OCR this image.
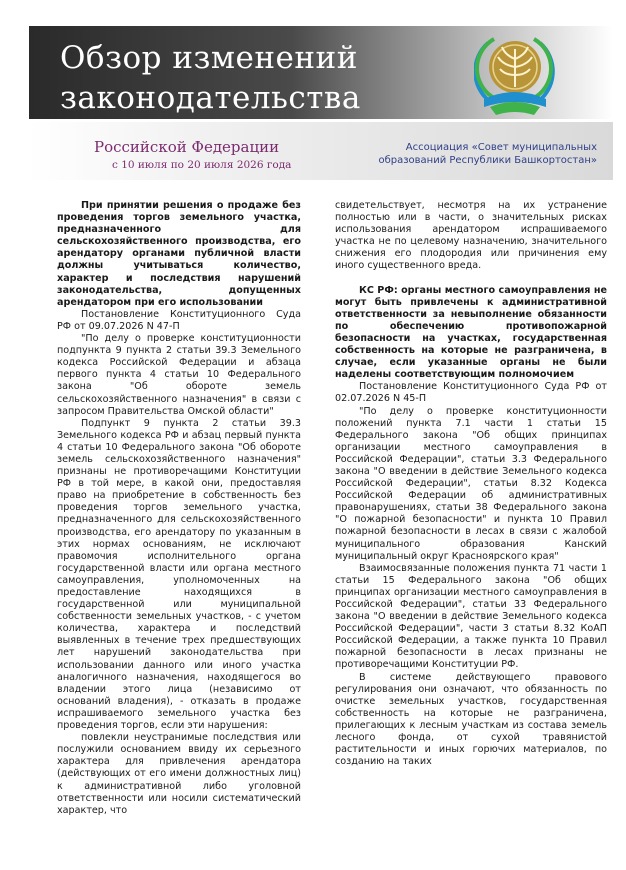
Обзор изменений законодательства
Российской Федерации
с 10 июля по 20 июля 2026 года
Ассоциация «Совет муниципальных образований Республики Башкортостан»

При принятии решения о продаже без проведения торгов земельного участка, предназначенного для сельскохозяйственного производства, его арендатору органами публичной власти должны учитываться количество, характер и последствия нарушений законодательства, допущенных арендатором при его использовании

Постановление Конституционного Суда РФ от 09.07.2026 N 47-П

"По делу о проверке конституционности подпункта 9 пункта 2 статьи 39.3 Земельного кодекса Российской Федерации и абзаца первого пункта 4 статьи 10 Федерального закона "Об обороте земель сельскохозяйственного назначения" в связи с запросом Правительства Омской области"

Подпункт 9 пункта 2 статьи 39.3 Земельного кодекса РФ и абзац первый пункта 4 статьи 10 Федерального закона "Об обороте земель сельскохозяйственного назначения" признаны не противоречащими Конституции РФ в той мере, в какой они, предоставляя право на приобретение в собственность без проведения торгов земельного участка, предназначенного для сельскохозяйственного производства, его арендатору по указанным в этих нормах основаниям, не исключают правомочия исполнительного органа государственной власти или органа местного самоуправления, уполномоченных на предоставление находящихся в государственной или муниципальной собственности земельных участков, - с учетом количества, характера и последствий выявленных в течение трех предшествующих лет нарушений законодательства при использовании данного или иного участка аналогичного назначения, находящегося во владении этого лица (независимо от оснований владения), - отказать в продаже испрашиваемого земельного участка без проведения торгов, если эти нарушения:

повлекли неустранимые последствия или послужили основанием ввиду их серьезного характера для привлечения арендатора (действующих от его имени должностных лиц) к административной либо уголовной ответственности или носили систематический характер, что

свидетельствует, несмотря на их устранение полностью или в части, о значительных рисках использования арендатором испрашиваемого участка не по целевому назначению, значительного снижения его плодородия или причинения ему иного существенного вреда.

КС РФ: органы местного самоуправления не могут быть привлечены к административной ответственности за невыполнение обязанности по обеспечению противопожарной безопасности на участках, государственная собственность на которые не разграничена, в случае, если указанные органы не были наделены соответствующим полномочием

Постановление Конституционного Суда РФ от 02.07.2026 N 45-П

"По делу о проверке конституционности положений пункта 7.1 части 1 статьи 15 Федерального закона "Об общих принципах организации местного самоуправления в Российской Федерации", статьи 3.3 Федерального закона "О введении в действие Земельного кодекса Российской Федерации", статьи 8.32 Кодекса Российской Федерации об административных правонарушениях, статьи 38 Федерального закона "О пожарной безопасности" и пункта 10 Правил пожарной безопасности в лесах в связи с жалобой муниципального образования Канский муниципальный округ Красноярского края"

Взаимосвязанные положения пункта 71 части 1 статьи 15 Федерального закона "Об общих принципах организации местного самоуправления в Российской Федерации", статьи 33 Федерального закона "О введении в действие Земельного кодекса Российской Федерации", части 3 статьи 8.32 КоАП Российской Федерации, а также пункта 10 Правил пожарной безопасности в лесах признаны не противоречащими Конституции РФ.

В системе действующего правового регулирования они означают, что обязанность по очистке земельных участков, государственная собственность на которые не разграничена, прилегающих к лесным участкам из состава земель лесного фонда, от сухой травянистой растительности и иных горючих материалов, по созданию на таких
